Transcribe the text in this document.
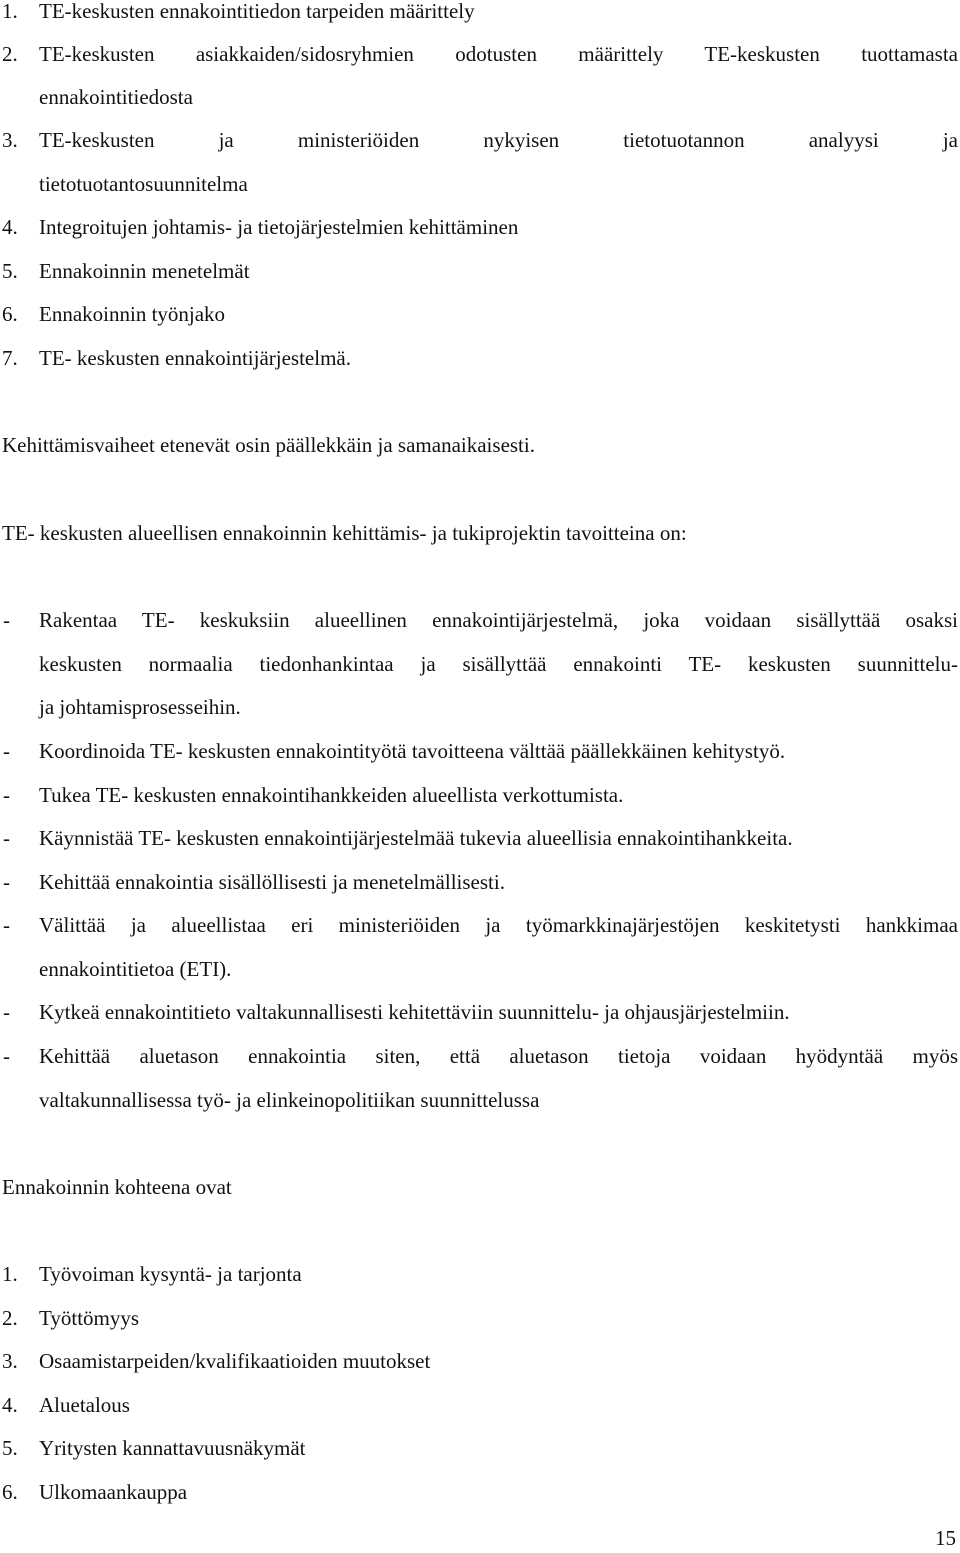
1. TE-keskusten ennakointitiedon tarpeiden määrittely
2. TE-keskusten asiakkaiden/sidosryhmien odotusten määrittely TE-keskusten tuottamasta
ennakointitiedosta
3. TE-keskusten ja ministeriöiden nykyisen tietotuotannon analyysi ja
tietotuotantosuunnitelma
4. Integroitujen johtamis- ja tietojärjestelmien kehittäminen
5. Ennakoinnin menetelmät
6. Ennakoinnin työnjako
7. TE- keskusten ennakointijärjestelmä.
Kehittämisvaiheet etenevät osin päällekkäin ja samanaikaisesti.
TE- keskusten alueellisen ennakoinnin kehittämis- ja tukiprojektin tavoitteina on:
- Rakentaa TE- keskuksiin alueellinen ennakointijärjestelmä, joka voidaan sisällyttää osaksi
keskusten normaalia tiedonhankintaa ja sisällyttää ennakointi TE- keskusten suunnittelu-
ja johtamisprosesseihin.
- Koordinoida TE- keskusten ennakointityötä tavoitteena välttää päällekkäinen kehitystyö.
- Tukea TE- keskusten ennakointihankkeiden alueellista verkottumista.
- Käynnistää TE- keskusten ennakointijärjestelmää tukevia alueellisia ennakointihankkeita.
- Kehittää ennakointia sisällöllisesti ja menetelmällisesti.
- Välittää ja alueellistaa eri ministeriöiden ja työmarkkinajärjestöjen keskitetysti hankkimaa
ennakointitietoa (ETI).
- Kytkeä ennakointitieto valtakunnallisesti kehitettäviin suunnittelu- ja ohjausjärjestelmiin.
- Kehittää aluetason ennakointia siten, että aluetason tietoja voidaan hyödyntää myös
valtakunnallisessa työ- ja elinkeinopolitiikan suunnittelussa
Ennakoinnin kohteena ovat
1. Työvoiman kysyntä- ja tarjonta
2. Työttömyys
3. Osaamistarpeiden/kvalifikaatioiden muutokset
4. Aluetalous
5. Yritysten kannattavuusnäkymät
6. Ulkomaankauppa
15
